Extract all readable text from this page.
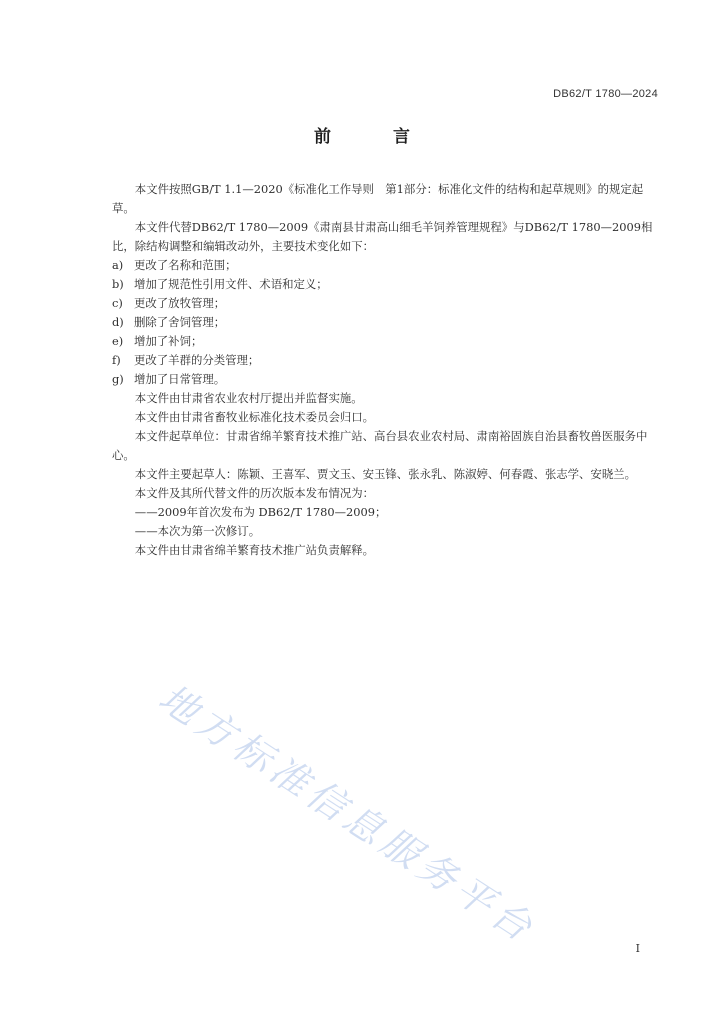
DB62/T 1780—2024
前 言

本文件按照GB/T 1.1—2020《标准化工作导则　第1部分：标准化文件的结构和起草规则》的规定起草。

本文件代替DB62/T 1780—2009《肃南县甘肃高山细毛羊饲养管理规程》与DB62/T 1780—2009相比，除结构调整和编辑改动外，主要技术变化如下：

a) 更改了名称和范围；
b) 增加了规范性引用文件、术语和定义；
c) 更改了放牧管理；
d) 删除了舍饲管理；
e) 增加了补饲；
f)	更改了羊群的分类管理；
g) 增加了日常管理。

本文件由甘肃省农业农村厅提出并监督实施。

本文件由甘肃省畜牧业标准化技术委员会归口。

本文件起草单位：甘肃省绵羊繁育技术推广站、高台县农业农村局、肃南裕固族自治县畜牧兽医服务中心。

本文件主要起草人：陈颖、王喜军、贾文玉、安玉锋、张永乳、陈淑婷、何春霞、张志学、安晓兰。

本文件及其所代替文件的历次版本发布情况为：

——2009年首次发布为 DB62/T 1780—2009；

——本次为第一次修订。

本文件由甘肃省绵羊繁育技术推广站负责解释。

地方标准信息服务平台	I
